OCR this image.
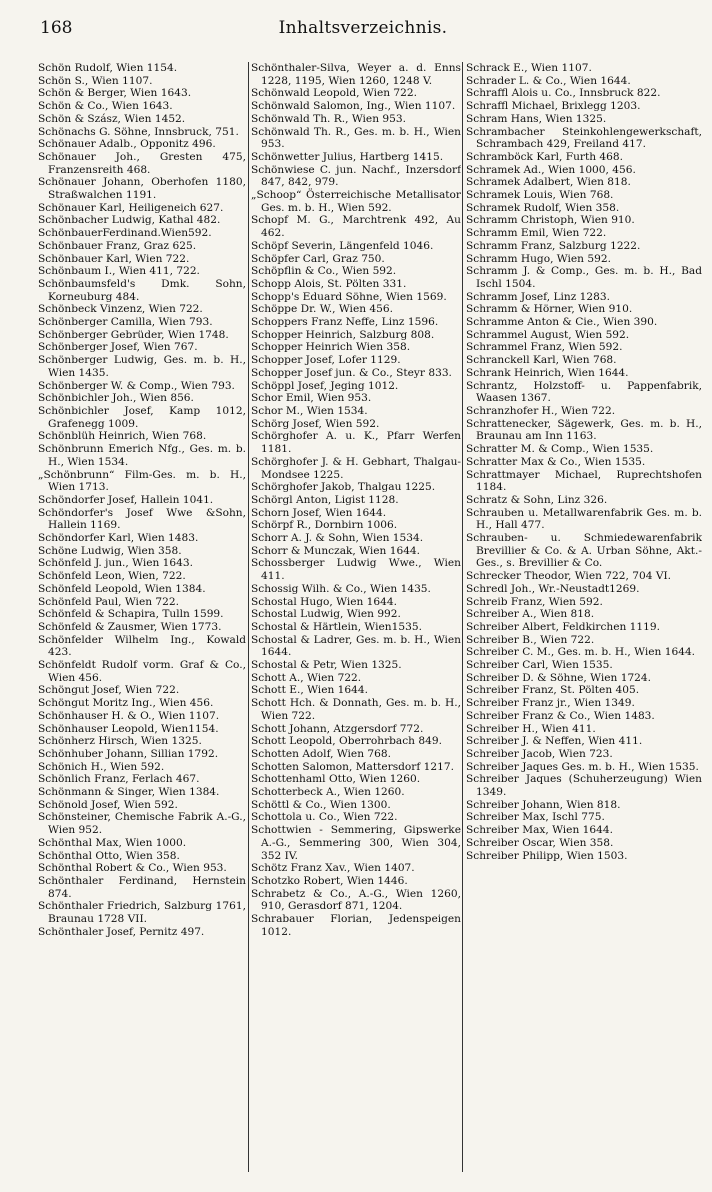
168	Inhaltsverzeichnis.
Schön Rudolf, Wien 1154.
Schön S., Wien 1107.
Schön & Berger, Wien 1643.
Schön & Co., Wien 1643.
Schön & Szász, Wien 1452.
Schönachs G. Söhne, Innsbruck, 751.
Schönauer Adalb., Opponitz 496.
Schönauer Joh., Gresten 475, Franzensreith 468.
Schönauer Johann, Oberhofen 1180, Straßwalchen 1191.
Schönauer Karl, Heiligeneich 627.
Schönbacher Ludwig, Kathal 482.
SchönbauerFerdinand.Wien592.
Schönbauer Franz, Graz 625.
Schönbauer Karl, Wien 722.
Schönbaum I., Wien 411, 722.
Schönbaumsfeld's Dmk. Sohn, Korneuburg 484.
Schönbeck Vinzenz, Wien 722.
Schönberger Camilla, Wien 793.
Schönberger Gebrüder, Wien 1748.
Schönberger Josef, Wien 767.
Schönberger Ludwig, Ges. m. b. H., Wien 1435.
Schönberger W. & Comp., Wien 793.
Schönbichler Joh., Wien 856.
Schönbichler Josef, Kamp 1012, Grafenegg 1009.
Schönblüh Heinrich, Wien 768.
Schönbrunn Emerich Nfg., Ges. m. b. H., Wien 1534.
„Schönbrunn“ Film-Ges. m. b. H., Wien 1713.
Schöndorfer Josef, Hallein 1041.
Schöndorfer's Josef Wwe &Sohn, Hallein 1169.
Schöndorfer Karl, Wien 1483.
Schöne Ludwig, Wien 358.
Schönfeld J. jun., Wien 1643.
Schönfeld Leon, Wien, 722.
Schönfeld Leopold, Wien 1384.
Schönfeld Paul, Wien 722.
Schönfeld & Schapira, Tulln 1599.
Schönfeld & Zausmer, Wien 1773.
Schönfelder Wilhelm Ing., Kowald 423.
Schönfeldt Rudolf vorm. Graf & Co., Wien 456.
Schöngut Josef, Wien 722.
Schöngut Moritz Ing., Wien 456.
Schönhauser H. & O., Wien 1107.
Schönhauser Leopold, Wien1154.
Schönherz Hirsch, Wien 1325.
Schönhuber Johann, Sillian 1792.
Schönich H., Wien 592.
Schönlich Franz, Ferlach 467.
Schönmann & Singer, Wien 1384.
Schönold Josef, Wien 592.
Schönsteiner, Chemische Fabrik A.-G., Wien 952.
Schönthal Max, Wien 1000.
Schönthal Otto, Wien 358.
Schönthal Robert & Co., Wien 953.
Schönthaler Ferdinand, Hernstein 874.
Schönthaler Friedrich, Salzburg 1761, Braunau 1728 VII.
Schönthaler Josef, Pernitz 497.
Schönthaler-Silva, Weyer a. d. Enns 1228, 1195, Wien 1260, 1248 V.
Schönwald Leopold, Wien 722.
Schönwald Salomon, Ing., Wien 1107.
Schönwald Th. R., Wien 953.
Schönwald Th. R., Ges. m. b. H., Wien 953.
Schönwetter Julius, Hartberg 1415.
Schönwiese C. jun. Nachf., Inzersdorf 847, 842, 979.
„Schoop“ Österreichische Metallisator Ges. m. b. H., Wien 592.
Schopf M. G., Marchtrenk 492, Au 462.
Schöpf Severin, Längenfeld 1046.
Schöpfer Carl, Graz 750.
Schöpflin & Co., Wien 592.
Schopp Alois, St. Pölten 331.
Schopp's Eduard Söhne, Wien 1569.
Schöppe Dr. W., Wien 456.
Schoppers Franz Neffe, Linz 1596.
Schopper Heinrich, Salzburg 808.
Schopper Heinrich Wien 358.
Schopper Josef, Lofer 1129.
Schopper Josef jun. & Co., Steyr 833.
Schöppl Josef, Jeging 1012.
Schor Emil, Wien 953.
Schor M., Wien 1534.
Schörg Josef, Wien 592.
Schörghofer A. u. K., Pfarr Werfen 1181.
Schörghofer J. & H. Gebhart, Thalgau-Mondsee 1225.
Schörghofer Jakob, Thalgau 1225.
Schörgl Anton, Ligist 1128.
Schorn Josef, Wien 1644.
Schörpf R., Dornbirn 1006.
Schorr A. J. & Sohn, Wien 1534.
Schorr & Munczak, Wien 1644.
Schossberger Ludwig Wwe., Wien 411.
Schossig Wilh. & Co., Wien 1435.
Schostal Hugo, Wien 1644.
Schostal Ludwig, Wien 992.
Schostal & Härtlein, Wien1535.
Schostal & Ladrer, Ges. m. b. H., Wien 1644.
Schostal & Petr, Wien 1325.
Schott A., Wien 722.
Schott E., Wien 1644.
Schott Hch. & Donnath, Ges. m. b. H., Wien 722.
Schott Johann, Atzgersdorf 772.
Schott Leopold, Oberrohrbach 849.
Schotten Adolf, Wien 768.
Schotten Salomon, Mattersdorf 1217.
Schottenhaml Otto, Wien 1260.
Schotterbeck A., Wien 1260.
Schöttl & Co., Wien 1300.
Schottola u. Co., Wien 722.
Schottwien - Semmering, Gipswerke A.-G., Semmering 300, Wien 304, 352 IV.
Schötz Franz Xav., Wien 1407.
Schotzko Robert, Wien 1446.
Schrabetz & Co., A.-G., Wien 1260, 910, Gerasdorf 871, 1204.
Schrabauer Florian, Jedenspeigen 1012.
Schrack E., Wien 1107.
Schrader L. & Co., Wien 1644.
Schraffl Alois u. Co., Innsbruck 822.
Schraffl Michael, Brixlegg 1203.
Schram Hans, Wien 1325.
Schrambacher Steinkohlengewerkschaft, Schrambach 429, Freiland 417.
Schramböck Karl, Furth 468.
Schramek Ad., Wien 1000, 456.
Schramek Adalbert, Wien 818.
Schramek Louis, Wien 768.
Schramek Rudolf, Wien 358.
Schramm Christoph, Wien 910.
Schramm Emil, Wien 722.
Schramm Franz, Salzburg 1222.
Schramm Hugo, Wien 592.
Schramm J. & Comp., Ges. m. b. H., Bad Ischl 1504.
Schramm Josef, Linz 1283.
Schramm & Hörner, Wien 910.
Schramme Anton & Cie., Wien 390.
Schrammel August, Wien 592.
Schrammel Franz, Wien 592.
Schranckell Karl, Wien 768.
Schrank Heinrich, Wien 1644.
Schrantz, Holzstoff- u. Pappenfabrik, Waasen 1367.
Schranzhofer H., Wien 722.
Schrattenecker, Sägewerk, Ges. m. b. H., Braunau am Inn 1163.
Schratter M. & Comp., Wien 1535.
Schratter Max & Co., Wien 1535.
Schrattmayer Michael, Ruprechtshofen 1184.
Schratz & Sohn, Linz 326.
Schrauben u. Metallwarenfabrik Ges. m. b. H., Hall 477.
Schrauben- u. Schmiedewarenfabrik Brevillier & Co. & A. Urban Söhne, Akt.-Ges., s. Brevillier & Co.
Schrecker Theodor, Wien 722, 704 VI.
Schredl Joh., Wr.-Neustadt1269.
Schreib Franz, Wien 592.
Schreiber A., Wien 818.
Schreiber Albert, Feldkirchen 1119.
Schreiber B., Wien 722.
Schreiber C. M., Ges. m. b. H., Wien 1644.
Schreiber Carl, Wien 1535.
Schreiber D. & Söhne, Wien 1724.
Schreiber Franz, St. Pölten 405.
Schreiber Franz jr., Wien 1349.
Schreiber Franz & Co., Wien 1483.
Schreiber H., Wien 411.
Schreiber J. & Neffen, Wien 411.
Schreiber Jacob, Wien 723.
Schreiber Jaques Ges. m. b. H., Wien 1535.
Schreiber Jaques (Schuherzeugung) Wien 1349.
Schreiber Johann, Wien 818.
Schreiber Max, Ischl 775.
Schreiber Max, Wien 1644.
Schreiber Oscar, Wien 358.
Schreiber Philipp, Wien 1503.
